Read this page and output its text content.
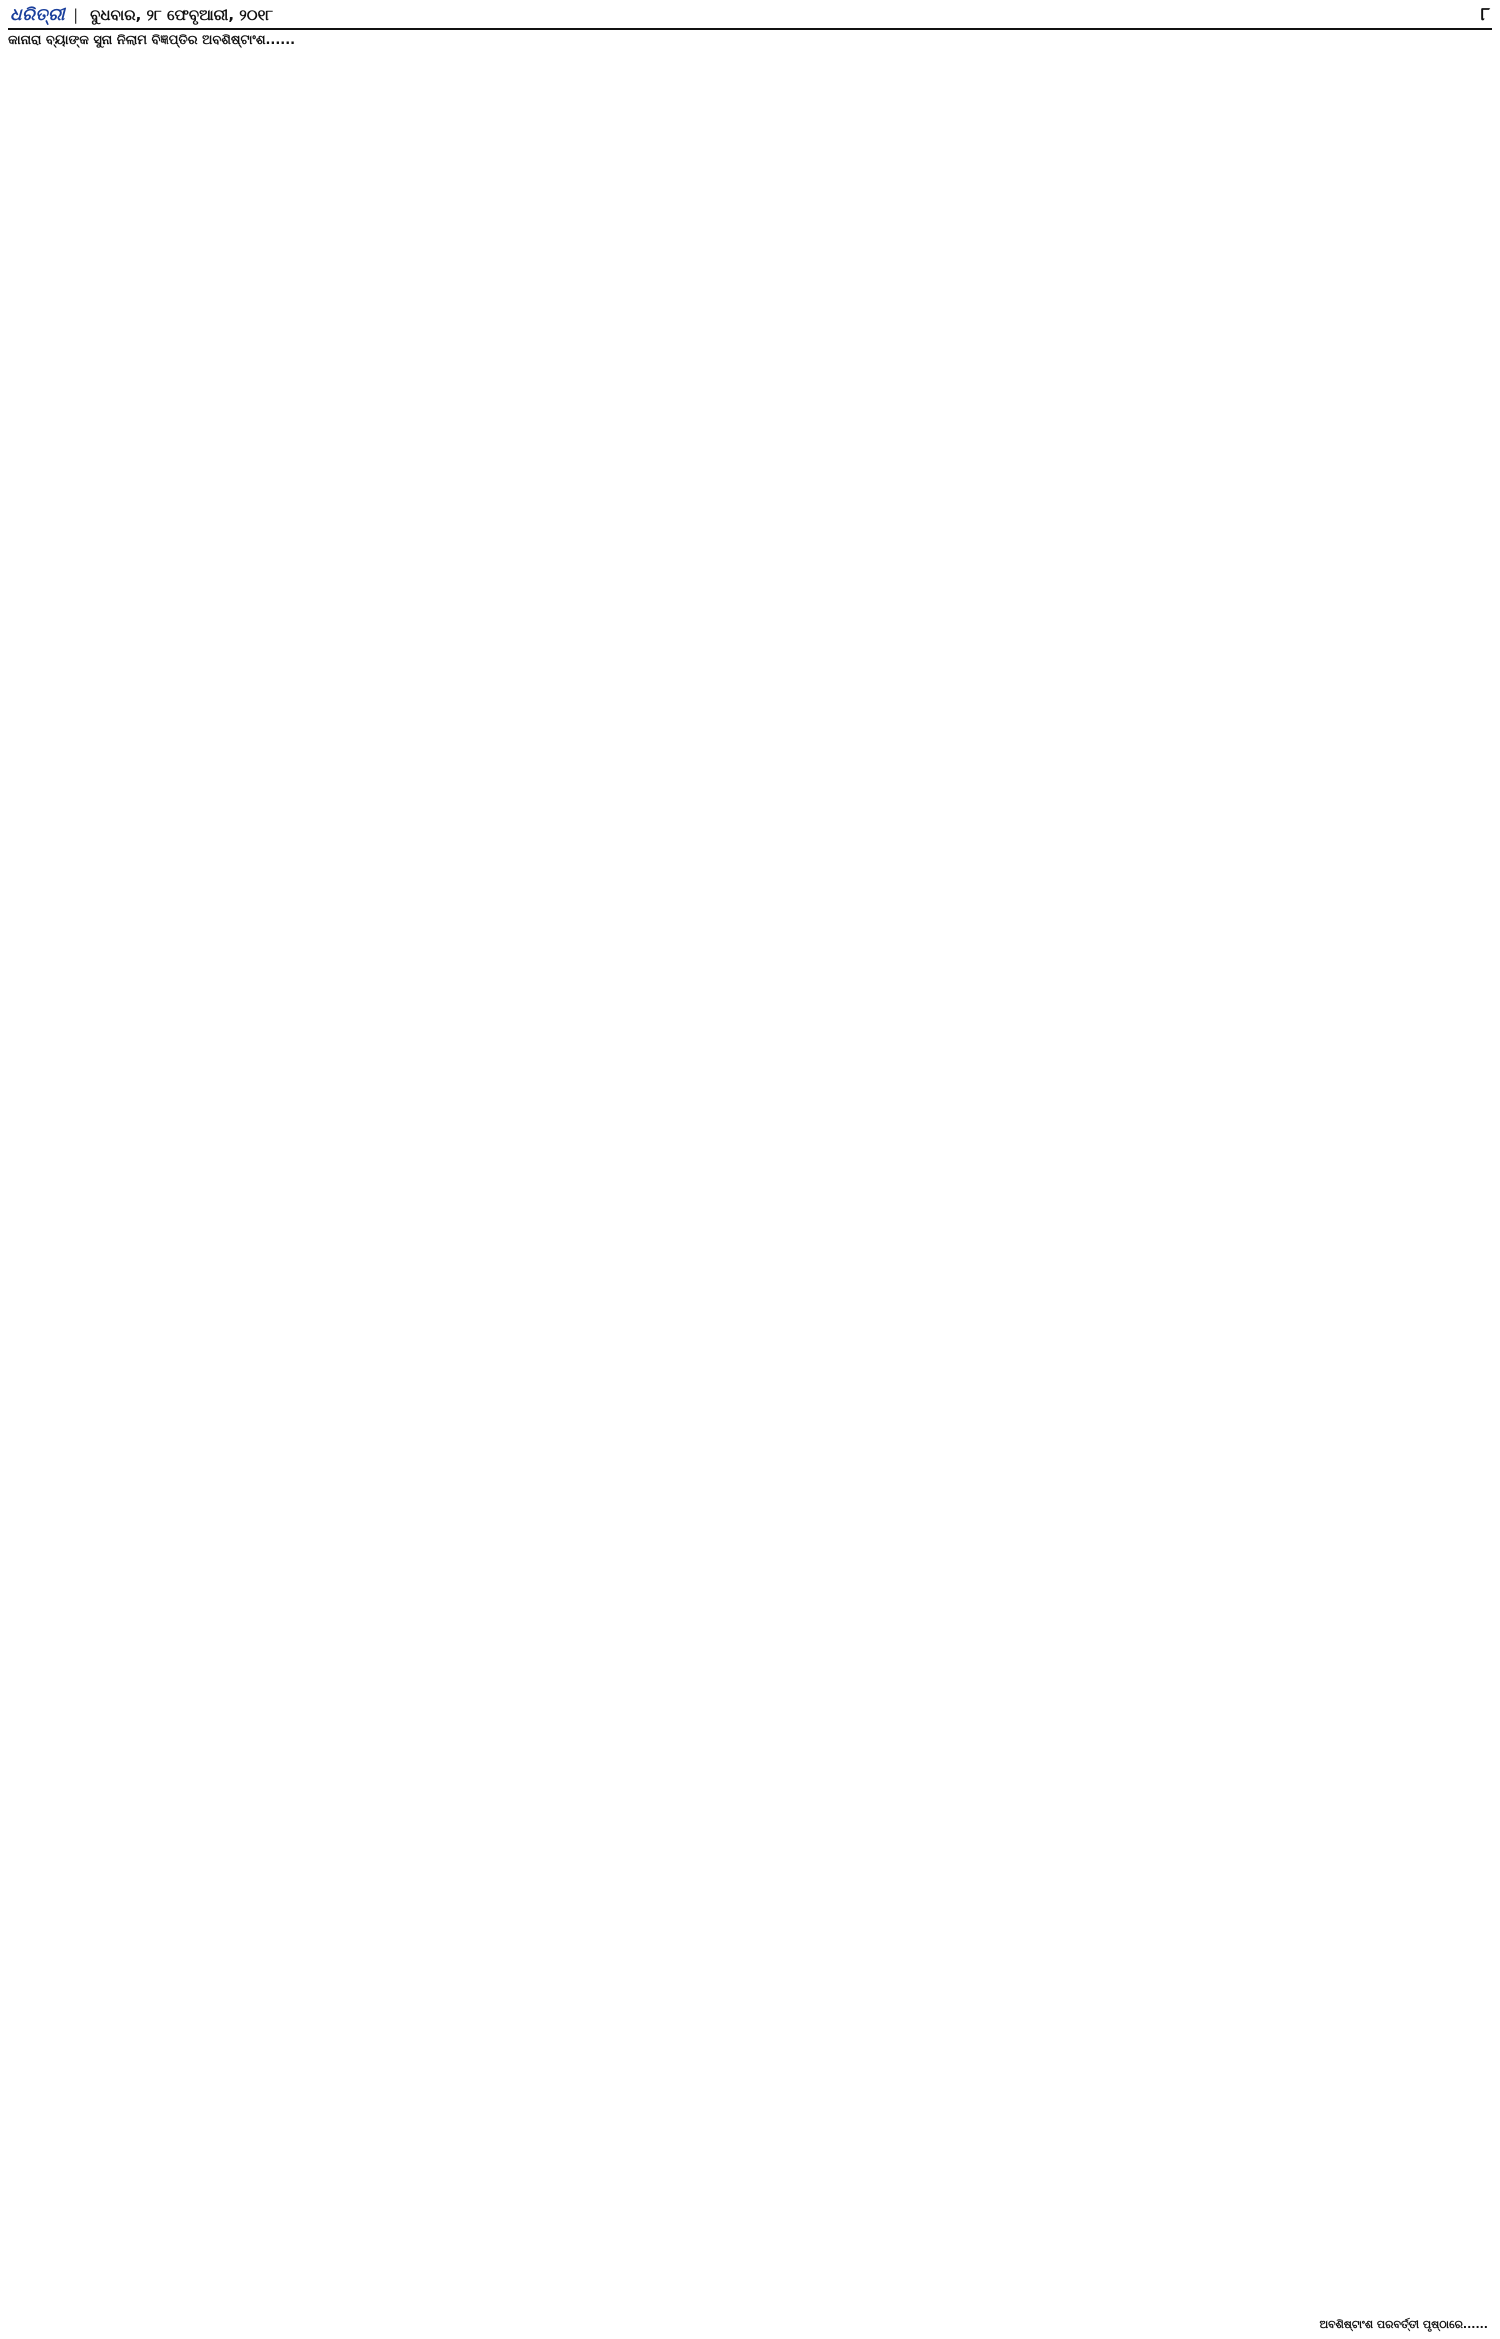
ଧରିତ୍ରୀ | ବୁଧବାର, ୨୮ ଫେବୃଆରୀ, ୨୦୧୮	୮
କାନାରା ବ୍ୟାଙ୍କ ସୁନା ନିଲାମ ବିଜ୍ଞପ୍ତିର ଅବଶିଷ୍ଟାଂଶ......
ଅବଶିଷ୍ଟାଂଶ ପରବର୍ତ୍ତୀ ପୃଷ୍ଠାରେ......
